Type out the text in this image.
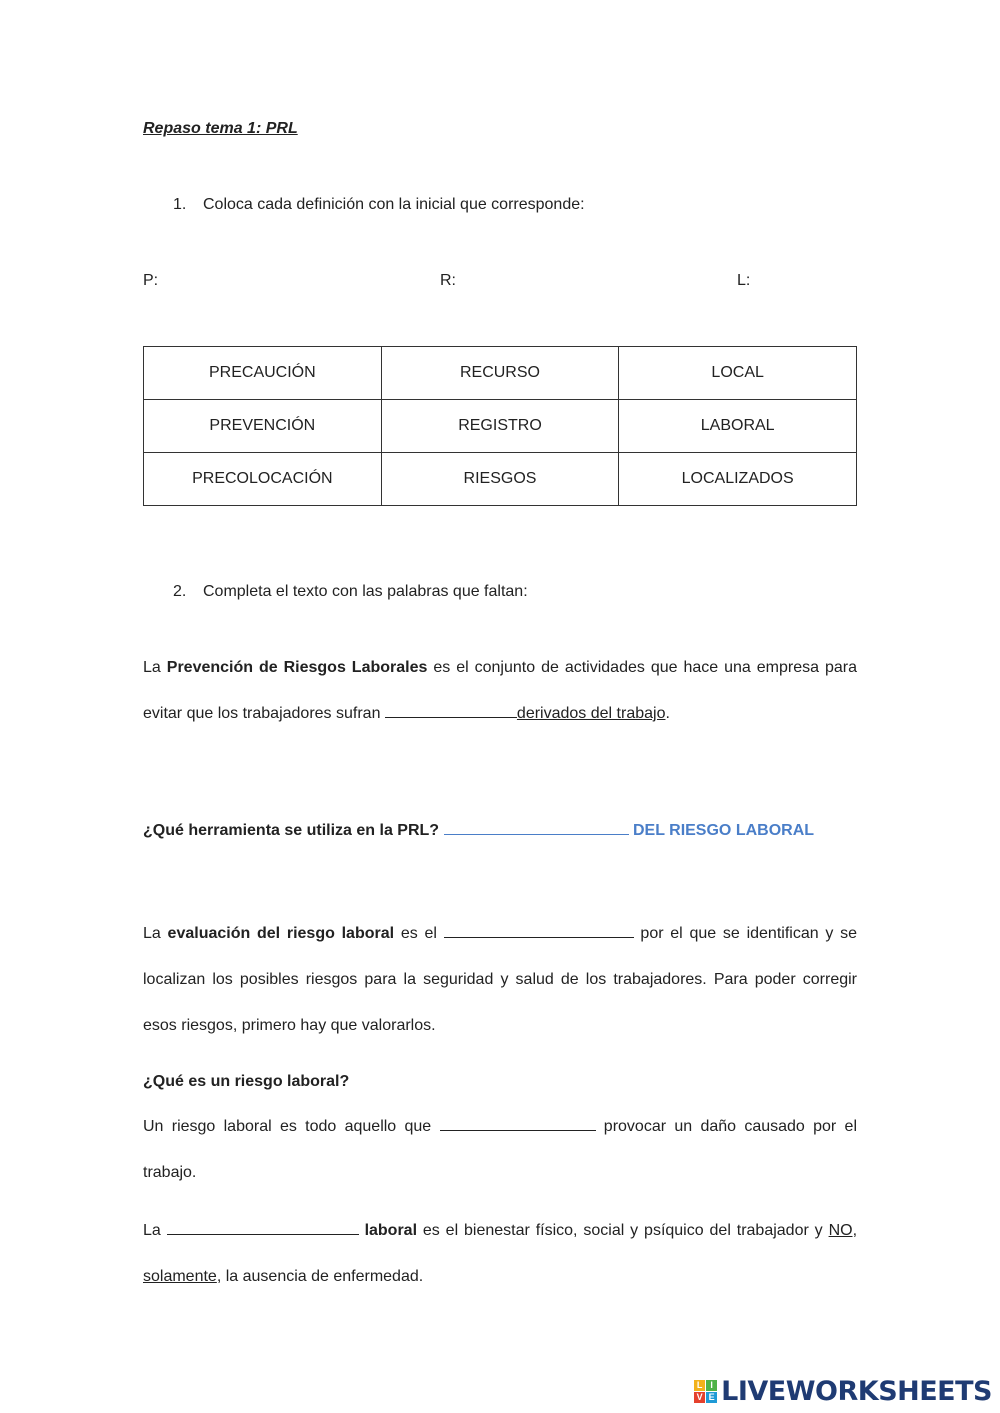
Repaso tema 1: PRL
1. Coloca cada definición con la inicial que corresponde:
P:	R:	L:
PRECAUCIÓN	RECURSO	LOCAL
PREVENCIÓN	REGISTRO	LABORAL
PRECOLOCACIÓN	RIESGOS	LOCALIZADOS
2. Completa el texto con las palabras que faltan:
La Prevención de Riesgos Laborales es el conjunto de actividades que hace una empresa para evitar que los trabajadores sufran	derivados del trabajo.
¿Qué herramienta se utiliza en la PRL?	DEL RIESGO LABORAL
La evaluación del riesgo laboral es el	por el que se identifican y se localizan los posibles riesgos para la seguridad y salud de los trabajadores. Para poder corregir esos riesgos, primero hay que valorarlos.
¿Qué es un riesgo laboral?
Un riesgo laboral es todo aquello que	provocar un daño causado por el trabajo.
La	laboral es el bienestar físico, social y psíquico del trabajador y NO, solamente, la ausencia de enfermedad.
L I
V E LIVEWORKSHEETS
